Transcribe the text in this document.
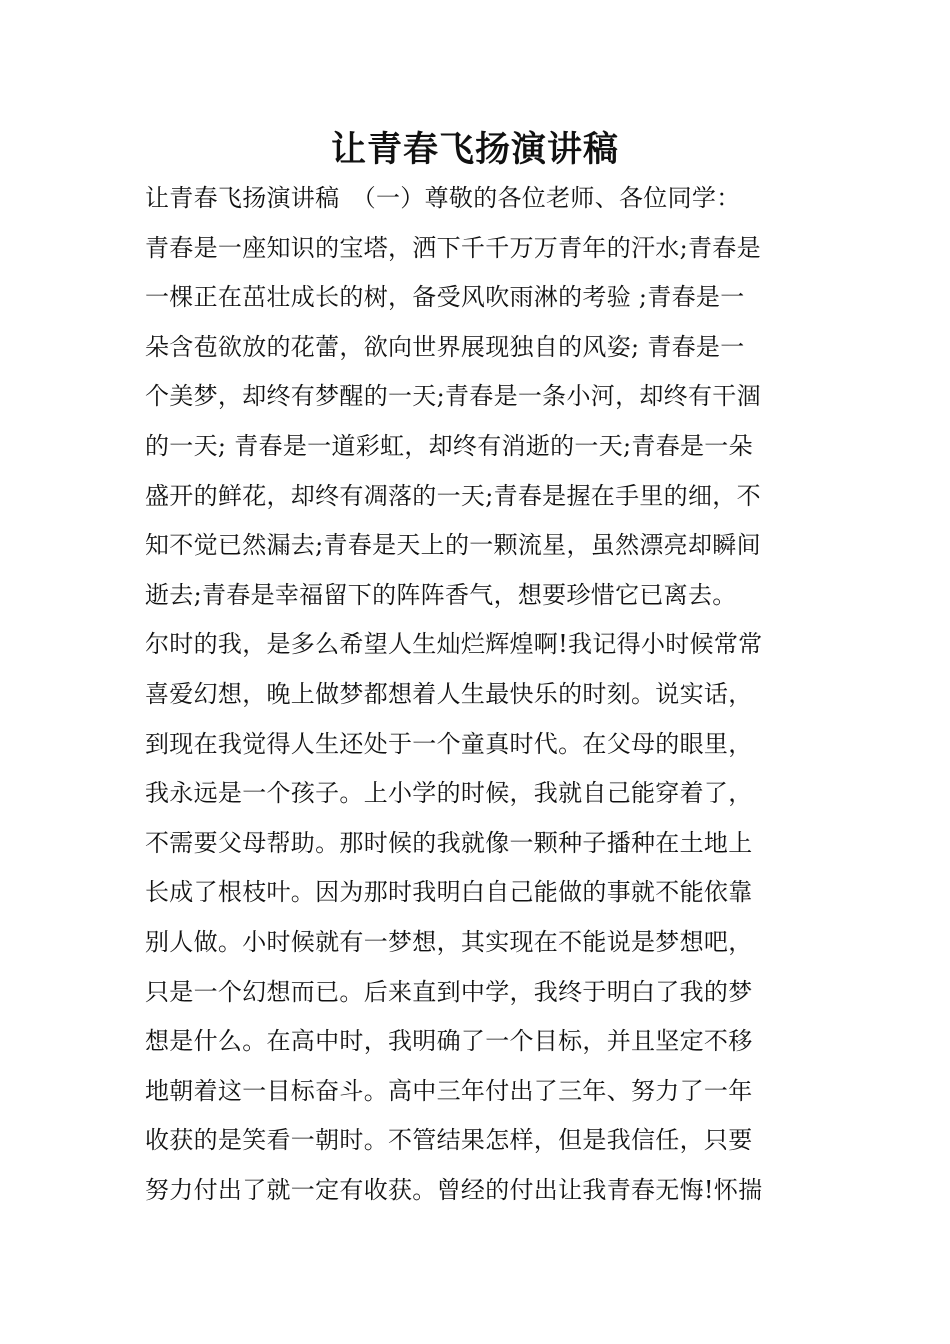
让青春飞扬演讲稿
让青春飞扬演讲稿　（一）尊敬的各位老师、各位同学：
青春是一座知识的宝塔，洒下千千万万青年的汗水;青春是
一棵正在茁壮成长的树，备受风吹雨淋的考验 ;青春是一
朵含苞欲放的花蕾，欲向世界展现独自的风姿; 青春是一
个美梦，却终有梦醒的一天;青春是一条小河，却终有干涸
的一天; 青春是一道彩虹，却终有消逝的一天;青春是一朵
盛开的鲜花，却终有凋落的一天;青春是握在手里的细，不
知不觉已然漏去;青春是天上的一颗流星，虽然漂亮却瞬间
逝去;青春是幸福留下的阵阵香气，想要珍惜它已离去。
尔时的我，是多么希望人生灿烂辉煌啊!我记得小时候常常
喜爱幻想，晚上做梦都想着人生最快乐的时刻。说实话，
到现在我觉得人生还处于一个童真时代。在父母的眼里，
我永远是一个孩子。上小学的时候，我就自己能穿着了，
不需要父母帮助。那时候的我就像一颗种子播种在土地上
长成了根枝叶。因为那时我明白自己能做的事就不能依靠
别人做。小时候就有一梦想，其实现在不能说是梦想吧，
只是一个幻想而已。后来直到中学，我终于明白了我的梦
想是什么。在高中时，我明确了一个目标，并且坚定不移
地朝着这一目标奋斗。高中三年付出了三年、努力了一年
收获的是笑看一朝时。不管结果怎样，但是我信任，只要
努力付出了就一定有收获。曾经的付出让我青春无悔!怀揣
